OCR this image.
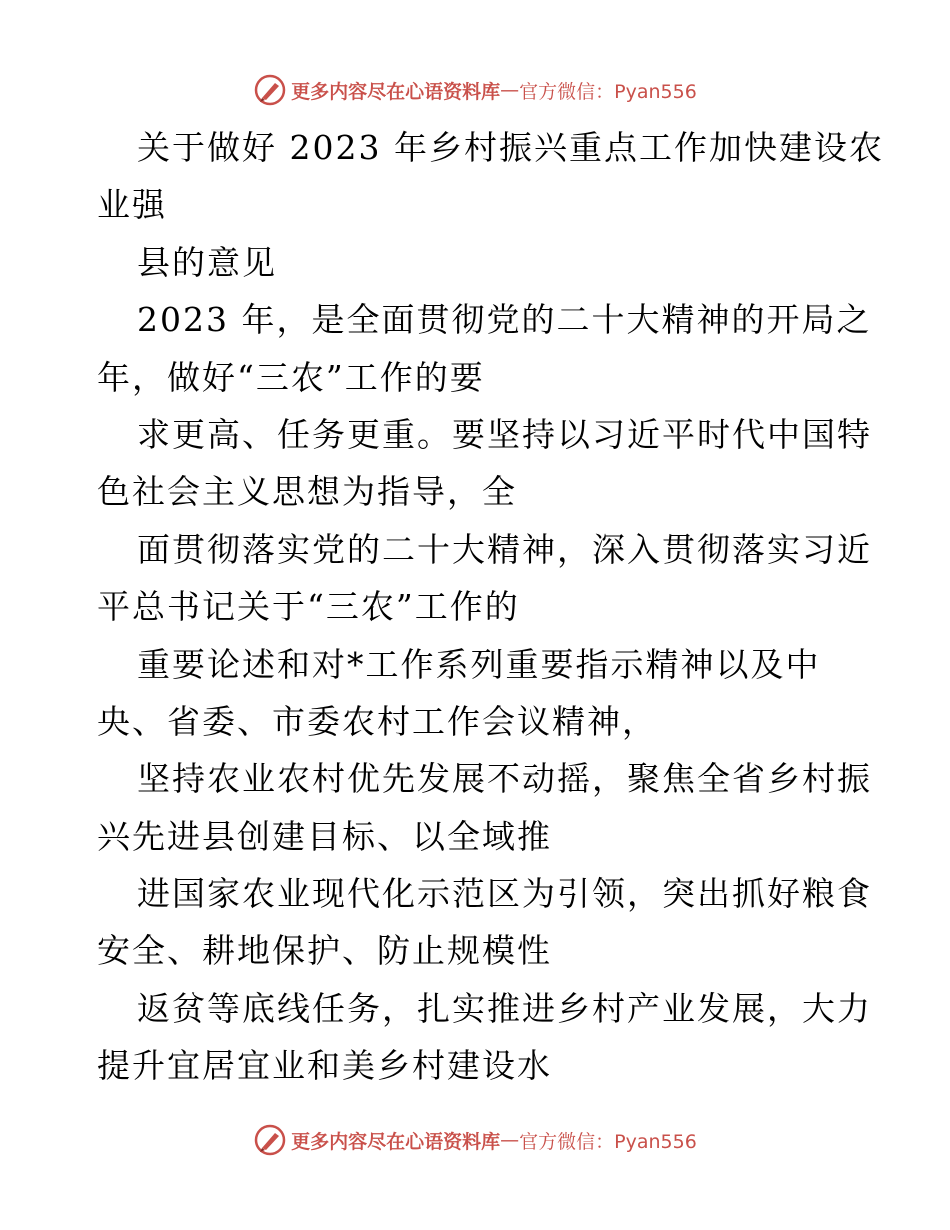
更多内容尽在心语资料库 — 官方微信：Pyan556
关于做好 2023 年乡村振兴重点工作加快建设农
业强
县的意见
2023 年，是全面贯彻党的二十大精神的开局之
年，做好“三农”工作的要
求更高、任务更重。要坚持以习近平时代中国特
色社会主义思想为指导，全
面贯彻落实党的二十大精神，深入贯彻落实习近
平总书记关于“三农”工作的
重要论述和对*工作系列重要指示精神以及中
央、省委、市委农村工作会议精神，
坚持农业农村优先发展不动摇，聚焦全省乡村振
兴先进县创建目标、以全域推
进国家农业现代化示范区为引领，突出抓好粮食
安全、耕地保护、防止规模性
返贫等底线任务，扎实推进乡村产业发展，大力
提升宜居宜业和美乡村建设水
更多内容尽在心语资料库 — 官方微信：Pyan556
